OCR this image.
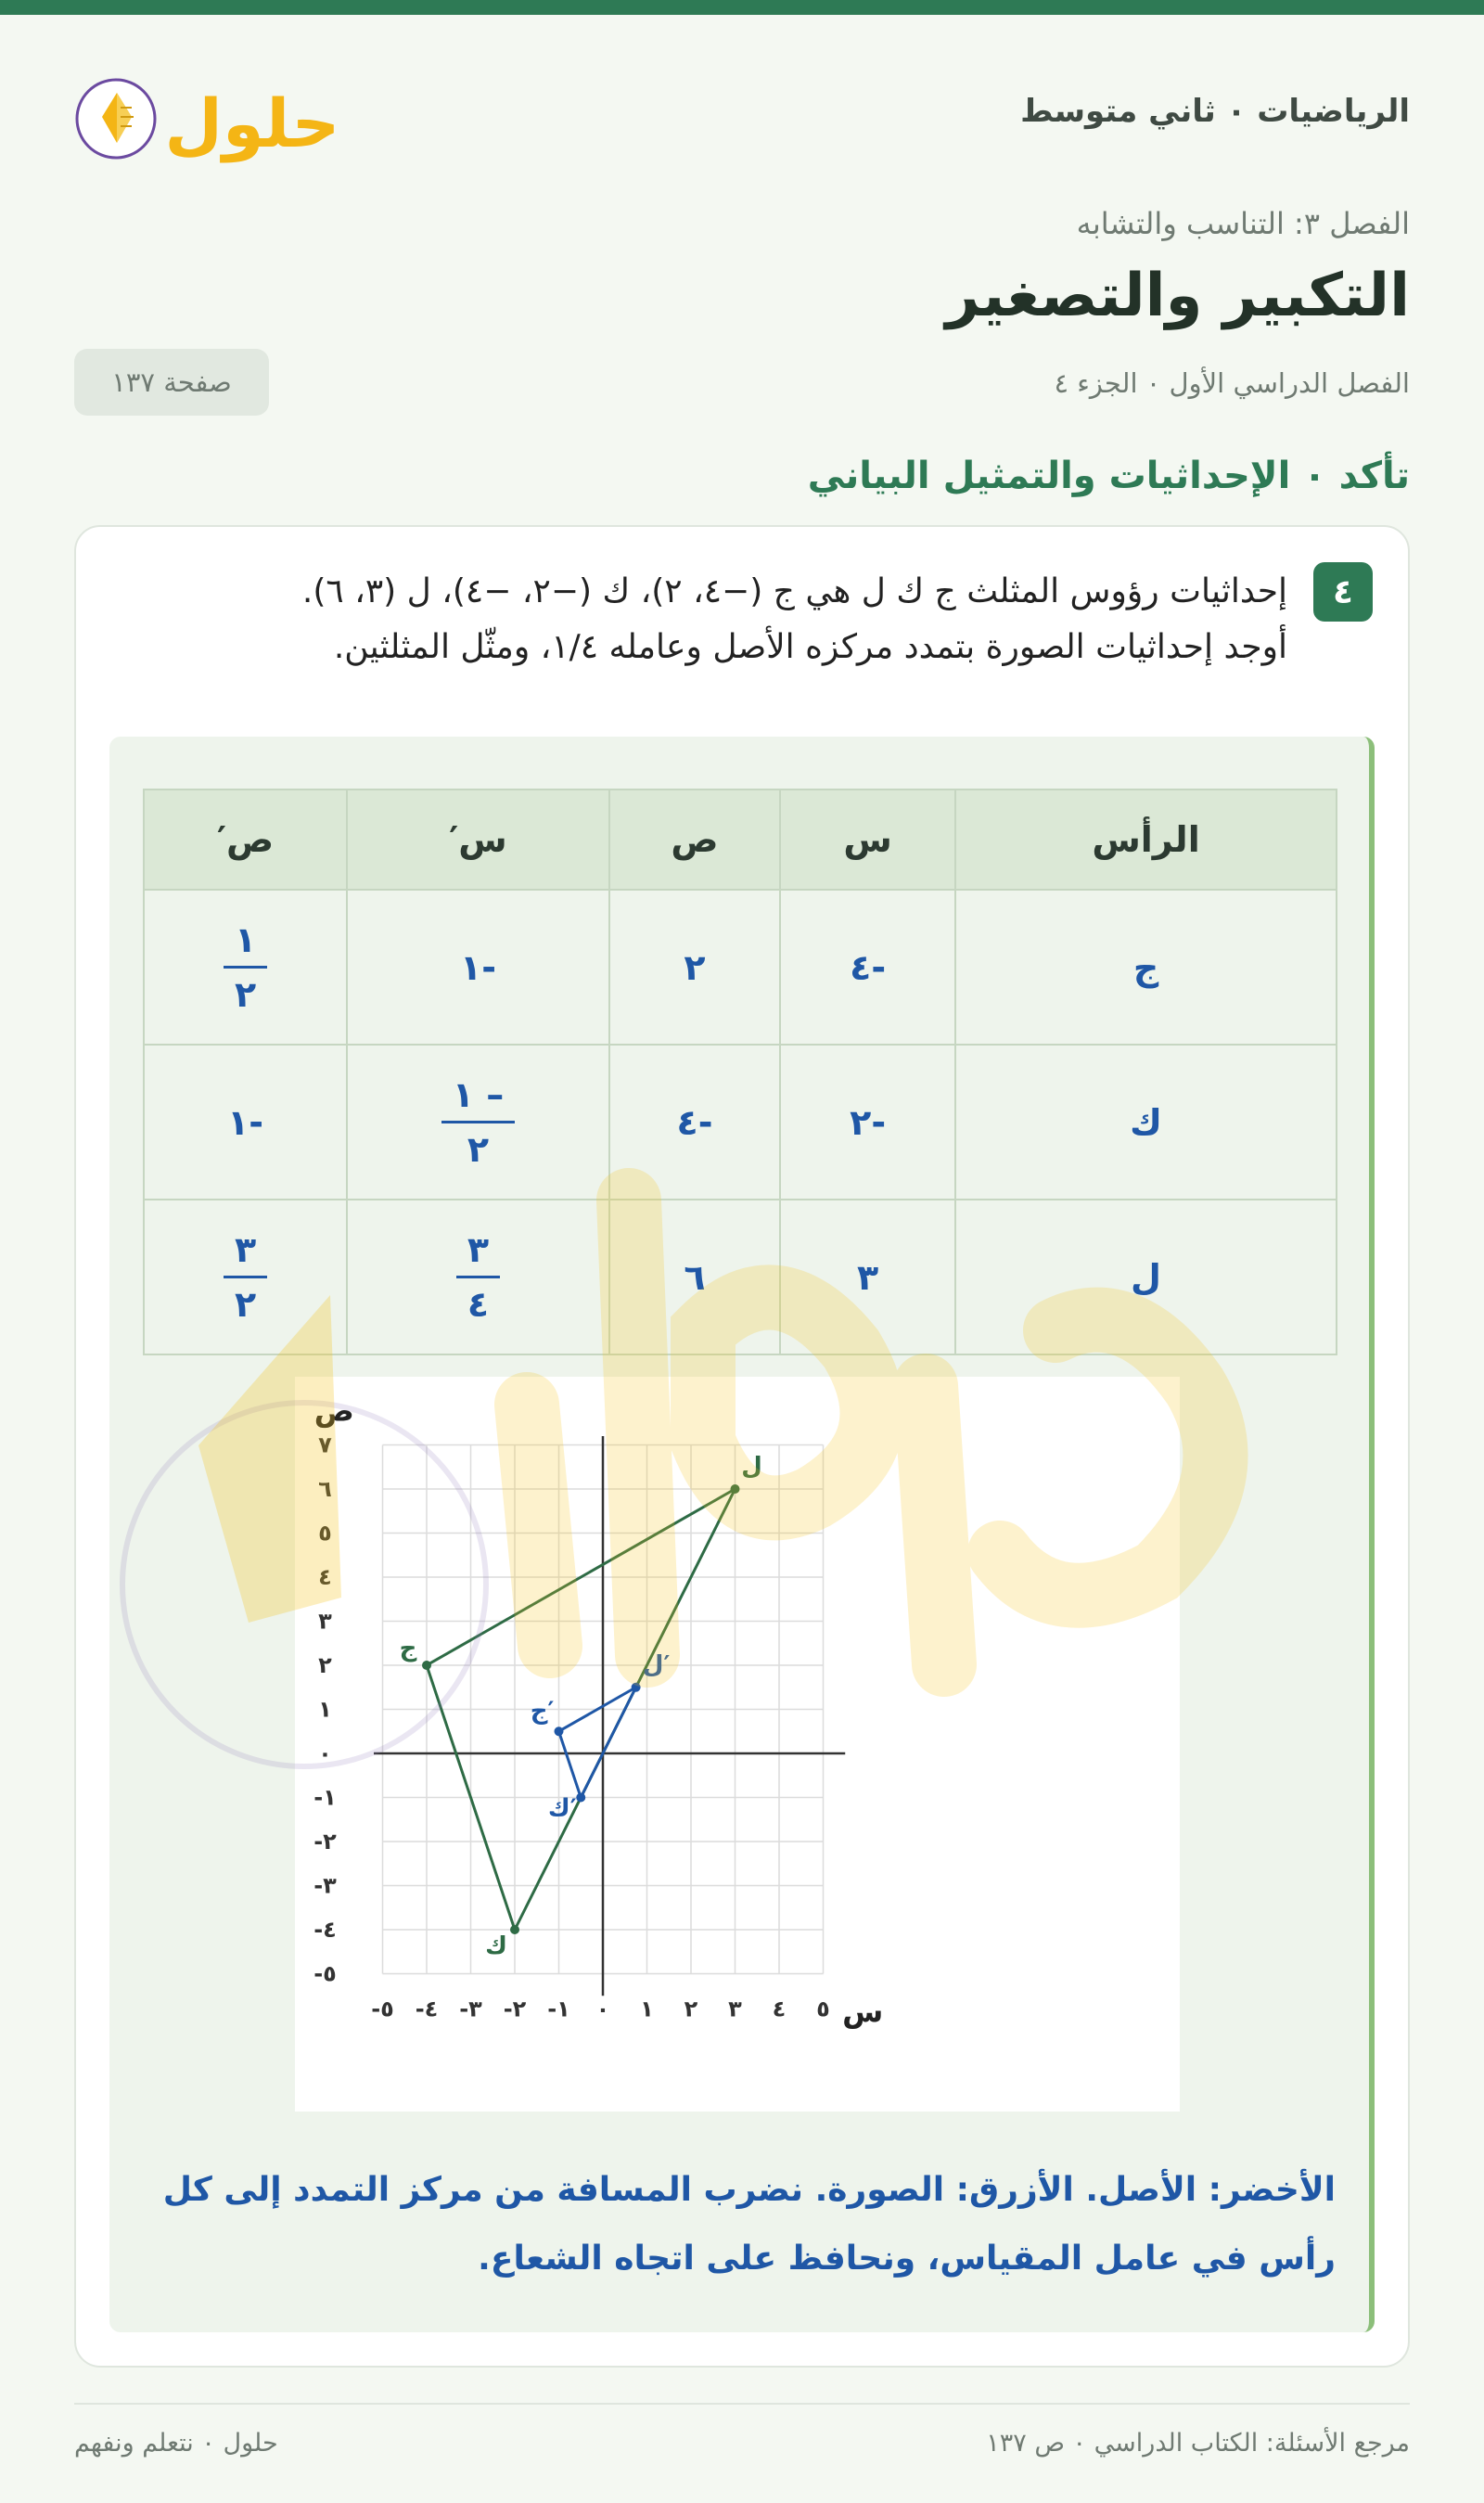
الرياضيات ٠ ثاني متوسط
حلول
الفصل ٣: التناسب والتشابه
التكبير والتصغير
الفصل الدراسي الأول ٠ الجزء ٤
صفحة ١٣٧
تأكد ٠ الإحداثيات والتمثيل البياني
٤
إحداثيات رؤوس المثلث ج ك ل هي ج (−٤، ٢)، ك (−٢، −٤)، ل (٣، ٦).
أوجد إحداثيات الصورة بتمدد مركزه الأصل وعامله ١/٤، ومثّل المثلثين.
الرأس	س	ص	س′	ص′
ج	-٤	٢	-١	$\frac{١}{٢}$

ك	-٢	-٤	$\frac{- ١}{٢}$	-١
ل	٣	٦	$\frac{٣}{٤}$	$\frac{٣}{٢}$
-٥ -٤ -٣ -٢ -١ ٠ ١ ٢ ٣ ٤ ٥
٧
٦
٥
٤
٣
٢
١
٠
-١
-٢
-٣
-٤
-٥
س
ص
ج
ك
ل
ج′
ك′
ل′
الأخضر: الأصل. الأزرق: الصورة. نضرب المسافة من مركز التمدد إلى كل رأس في عامل المقياس، ونحافظ على اتجاه الشعاع.
مرجع الأسئلة: الكتاب الدراسي ٠ ص ١٣٧
حلول ٠ نتعلم ونفهم
